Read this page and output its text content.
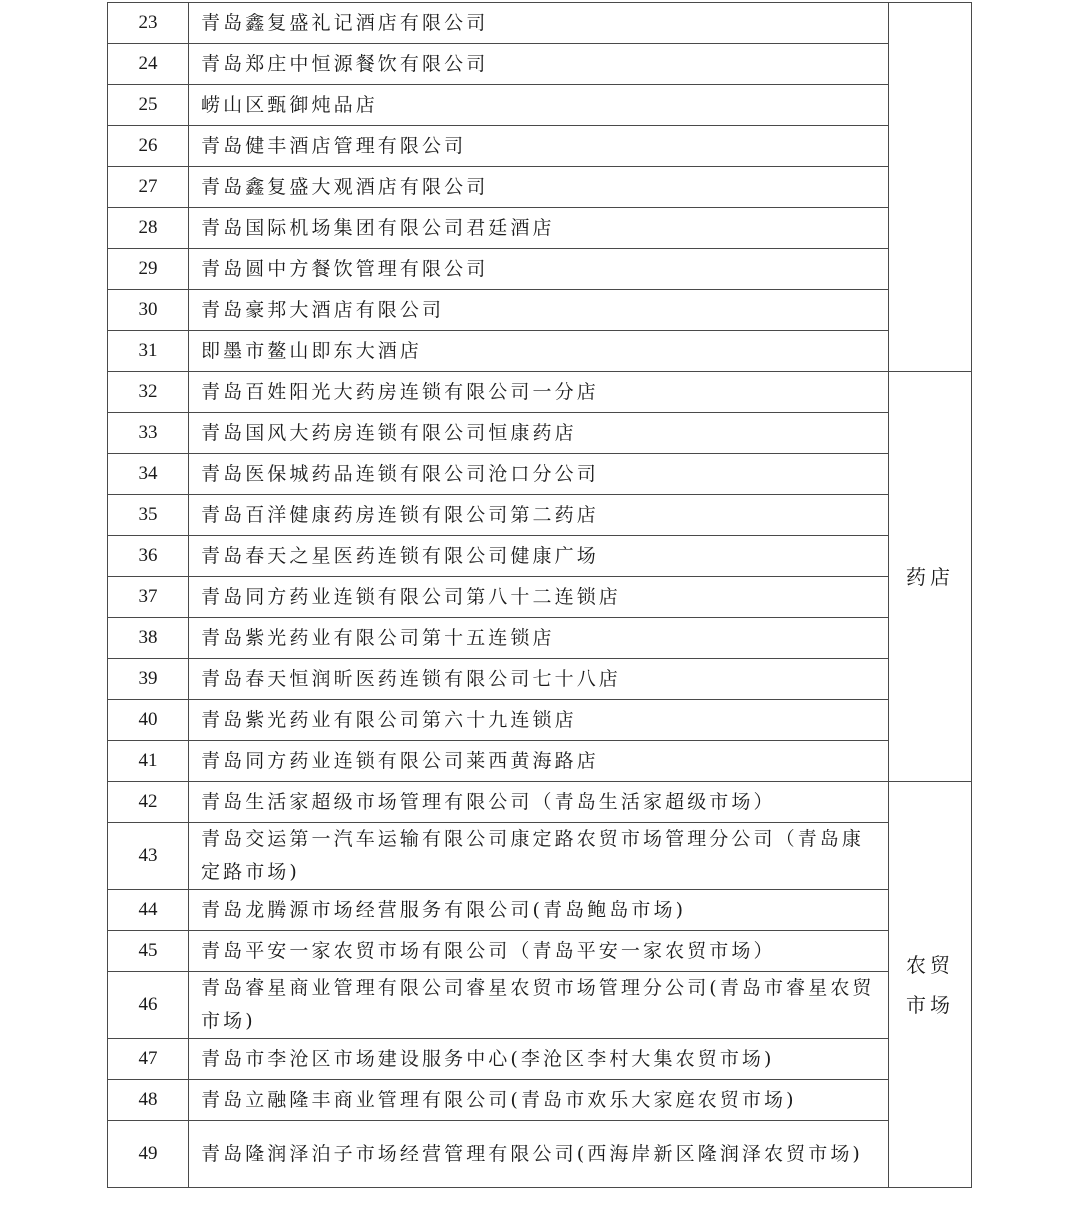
23	青岛鑫复盛礼记酒店有限公司	
24	青岛郑庄中恒源餐饮有限公司	
25	崂山区甄御炖品店	
26	青岛健丰酒店管理有限公司	
27	青岛鑫复盛大观酒店有限公司	
28	青岛国际机场集团有限公司君廷酒店	
29	青岛圆中方餐饮管理有限公司	
30	青岛豪邦大酒店有限公司	
31	即墨市鳌山即东大酒店	
32	青岛百姓阳光大药房连锁有限公司一分店	药店
33	青岛国风大药房连锁有限公司恒康药店	
34	青岛医保城药品连锁有限公司沧口分公司	
35	青岛百洋健康药房连锁有限公司第二药店	
36	青岛春天之星医药连锁有限公司健康广场	
37	青岛同方药业连锁有限公司第八十二连锁店	
38	青岛紫光药业有限公司第十五连锁店	
39	青岛春天恒润昕医药连锁有限公司七十八店	
40	青岛紫光药业有限公司第六十九连锁店	
41	青岛同方药业连锁有限公司莱西黄海路店	
42	青岛生活家超级市场管理有限公司（青岛生活家超级市场）	农贸市场
43	青岛交运第一汽车运输有限公司康定路农贸市场管理分公司（青岛康定路市场)	
44	青岛龙腾源市场经营服务有限公司(青岛鲍岛市场)	
45	青岛平安一家农贸市场有限公司（青岛平安一家农贸市场）	
46	青岛睿星商业管理有限公司睿星农贸市场管理分公司(青岛市睿星农贸市场)	
47	青岛市李沧区市场建设服务中心(李沧区李村大集农贸市场)	
48	青岛立融隆丰商业管理有限公司(青岛市欢乐大家庭农贸市场)	
49	青岛隆润泽泊子市场经营管理有限公司(西海岸新区隆润泽农贸市场)	
